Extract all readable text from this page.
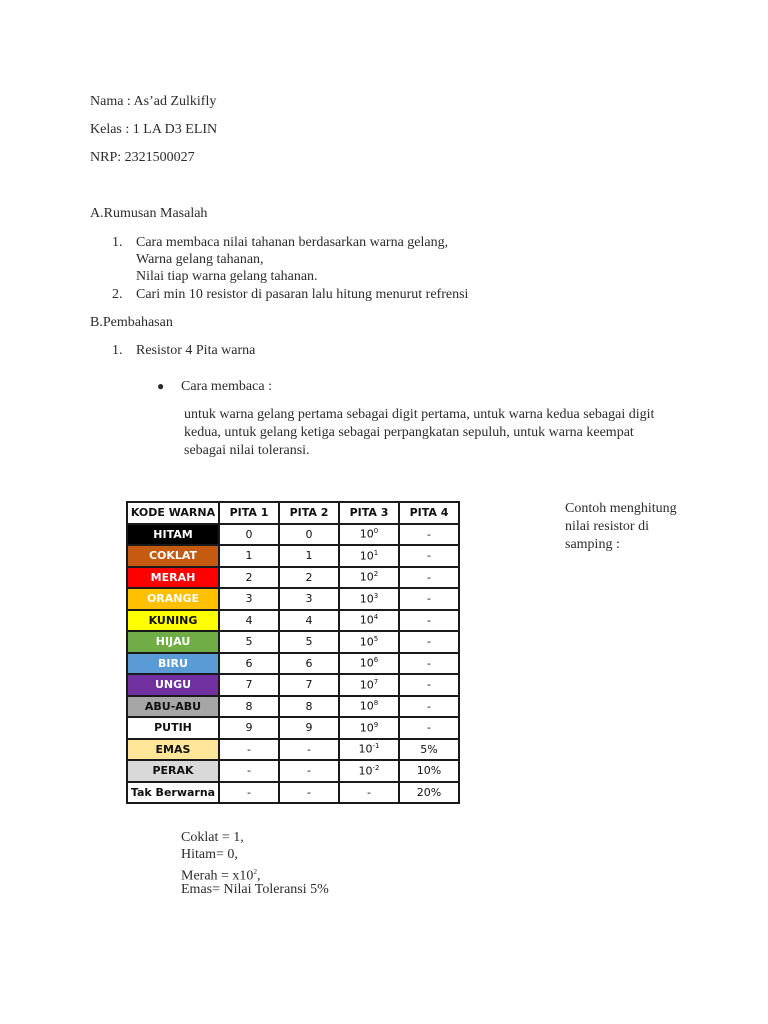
Nama : As’ad Zulkifly
Kelas : 1 LA D3 ELIN
NRP: 2321500027
A.Rumusan Masalah
1. Cara membaca nilai tahanan berdasarkan warna gelang,
Warna gelang tahanan,
Nilai tiap warna gelang tahanan.
2. Cari min 10 resistor di pasaran lalu hitung menurut refrensi
B.Pembahasan
1. Resistor 4 Pita warna
● Cara membaca :
untuk warna gelang pertama sebagai digit pertama, untuk warna kedua sebagai digit
kedua, untuk gelang ketiga sebagai perpangkatan sepuluh, untuk warna keempat
sebagai nilai toleransi.
KODE WARNA	PITA 1	PITA 2	PITA 3	PITA 4

HITAM	0	0	$10^0$	-

COKLAT	1	1	$10^1$	-

MERAH	2	2	$10^2$	-

ORANGE	3	3	$10^3$	-

KUNING	4	4	$10^4$	-

HIJAU	5	5	$10^5$	-

BIRU	6	6	$10^6$	-

UNGU	7	7	$10^7$	-

ABU-ABU	8	8	$10^8$	-

PUTIH	9	9	$10^9$	-

EMAS	-	-	$10^{-1}$	5%

PERAK	-	-	$10^{-2}$	10%

Tak Berwarna	-	-	-	20%
Contoh menghitung
nilai resistor di
samping :
Coklat = 1,
Hitam= 0,
Merah = $x10^2$,
Emas= Nilai Toleransi 5%
